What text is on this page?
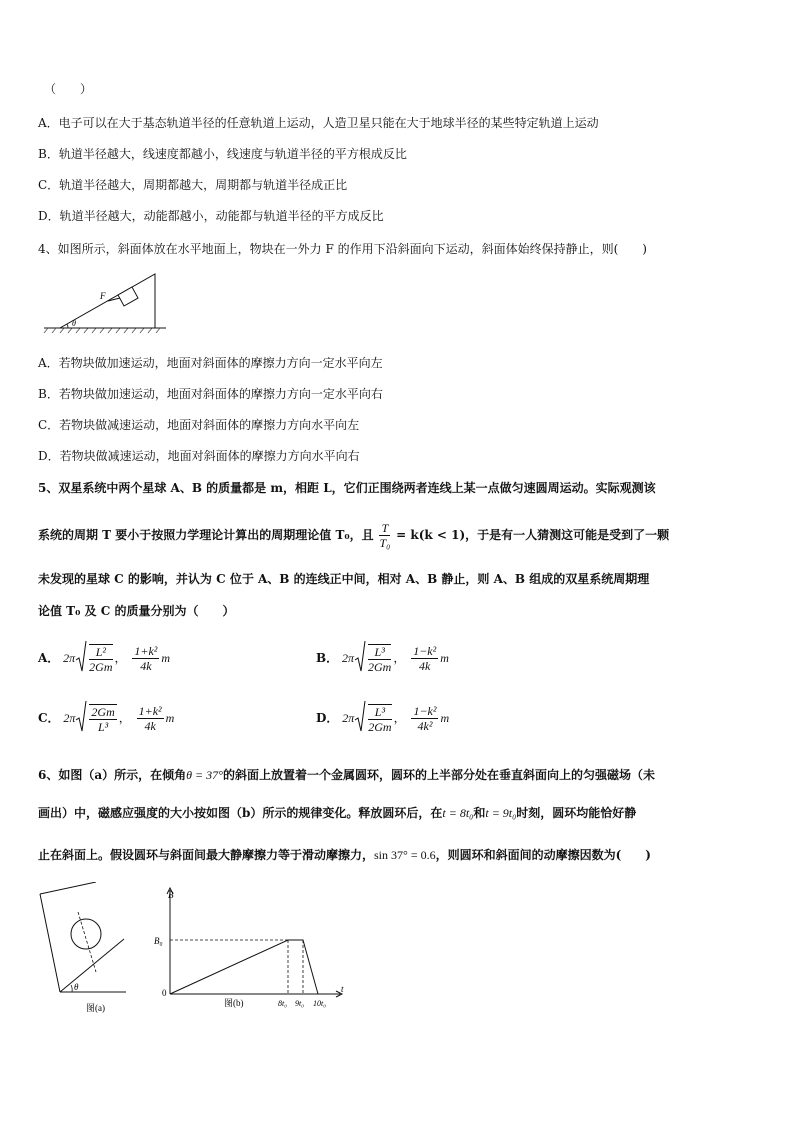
（　　）
A．电子可以在大于基态轨道半径的任意轨道上运动，人造卫星只能在大于地球半径的某些特定轨道上运动
B．轨道半径越大，线速度都越小，线速度与轨道半径的平方根成反比
C．轨道半径越大，周期都越大，周期都与轨道半径成正比
D．轨道半径越大，动能都越小，动能都与轨道半径的平方成反比
4、如图所示，斜面体放在水平地面上，物块在一外力 F 的作用下沿斜面向下运动，斜面体始终保持静止，则(　　)
F
θ
A．若物块做加速运动，地面对斜面体的摩擦力方向一定水平向左
B．若物块做加速运动，地面对斜面体的摩擦力方向一定水平向右
C．若物块做减速运动，地面对斜面体的摩擦力方向水平向左
D．若物块做减速运动，地面对斜面体的摩擦力方向水平向右
5、双星系统中两个星球 A、B 的质量都是 m，相距 L，它们正围绕两者连线上某一点做匀速圆周运动。实际观测该
系统的周期 T 要小于按照力学理论计算出的周期理论值 T₀，且 $\frac{T}{\text{T₀}} = k(k < 1)$，于是有一人猜测这可能是受到了一颗
未发现的星球 C 的影响，并认为 C 位于 A、B 的连线正中间，相对 A、B 静止，则 A、B 组成的双星系统周期理
论值 T₀ 及 C 的质量分别为（　　）
A． $2\pi \frac{\text{L²}}{2Gm}$ ， $\frac{\text{1+k²}}{4k}$ m	B． $2\pi \frac{\text{L³}}{2Gm}$ ， $\frac{\text{1−k²}}{4k}$ m
C． $2\pi \frac{2Gm}{\text{L³}}$ ， $\frac{\text{1+k²}}{4k}$ m	D． $2\pi \frac{\text{L³}}{2Gm}$ ， $\frac{\text{1−k²}}{\text{4k²}}$ m
6、如图（a）所示，在倾角θ = 37°的斜面上放置着一个金属圆环，圆环的上半部分处在垂直斜面向上的匀强磁场（未
画出）中，磁感应强度的大小按如图（b）所示的规律变化。释放圆环后，在t = 8t₀和t = 9t₀时刻，圆环均能恰好静
止在斜面上。假设圆环与斜面间最大静摩擦力等于滑动摩擦力，sin 37° = 0.6，则圆环和斜面间的动摩擦因数为(　　)
θ
图(a)
B
B₀
0	t
8t₀ 9t₀ 10t₀
图(b)
